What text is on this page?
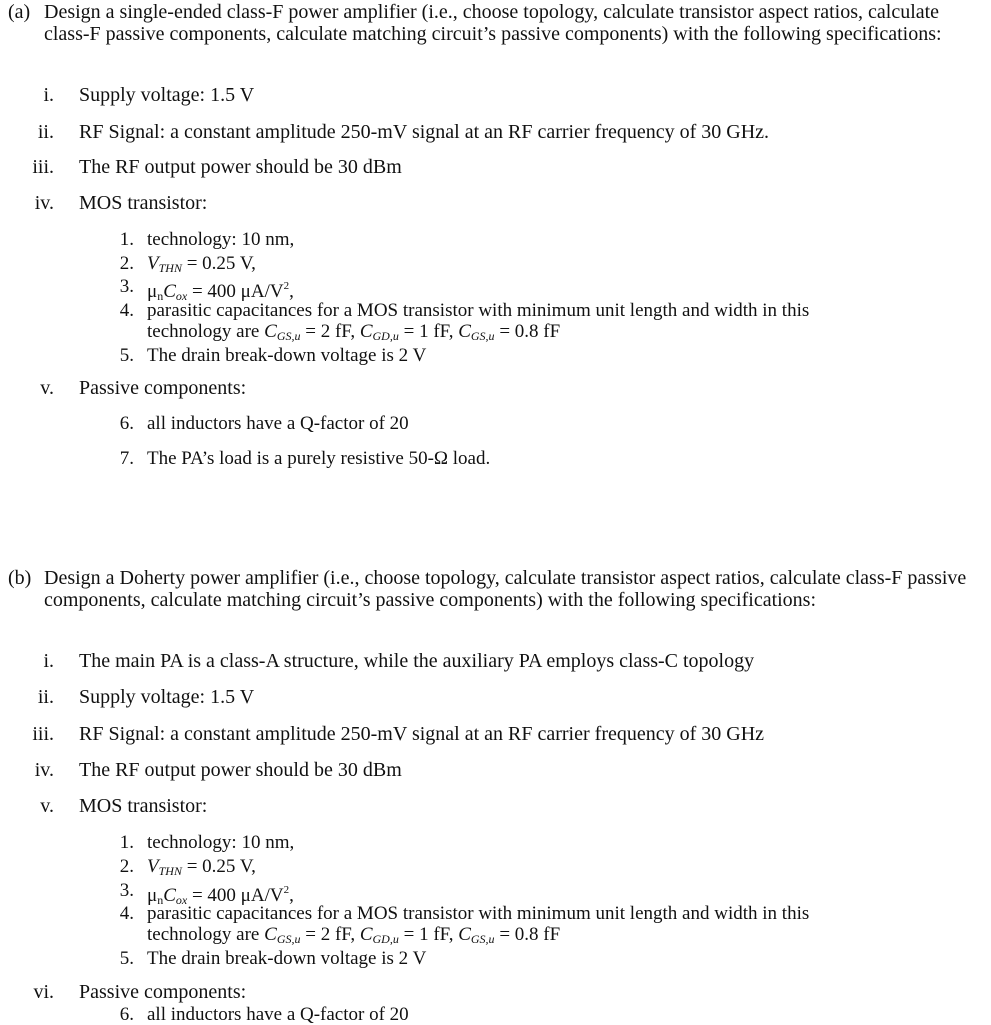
(a) Design a single-ended class-F power amplifier (i.e., choose topology, calculate transistor aspect ratios, calculate class-F passive components, calculate matching circuit’s passive components) with the following specifications:
i. Supply voltage: 1.5 V
ii. RF Signal: a constant amplitude 250-mV signal at an RF carrier frequency of 30 GHz.
iii. The RF output power should be 30 dBm
iv. MOS transistor:
1. technology: 10 nm,
2. VTHN = 0.25 V,
3. μnCox = 400 $\mu A/V^2$,
4. parasitic capacitances for a MOS transistor with minimum unit length and width in this
technology are CGS,u = 2 fF, CGD,u = 1 fF, CGS,u = 0.8 fF
5. The drain break-down voltage is 2 V
v. Passive components:
6. all inductors have a Q-factor of 20
7. The PA’s load is a purely resistive 50-Ω load.
(b) Design a Doherty power amplifier (i.e., choose topology, calculate transistor aspect ratios, calculate class-F passive components, calculate matching circuit’s passive components) with the following specifications:
i. The main PA is a class-A structure, while the auxiliary PA employs class-C topology
ii. Supply voltage: 1.5 V
iii. RF Signal: a constant amplitude 250-mV signal at an RF carrier frequency of 30 GHz
iv. The RF output power should be 30 dBm
v. MOS transistor:
1. technology: 10 nm,
2. VTHN = 0.25 V,
3. μnCox = 400 $\mu A/V^2$,
4. parasitic capacitances for a MOS transistor with minimum unit length and width in this
technology are CGS,u = 2 fF, CGD,u = 1 fF, CGS,u = 0.8 fF
5. The drain break-down voltage is 2 V
vi. Passive components:
6. all inductors have a Q-factor of 20
